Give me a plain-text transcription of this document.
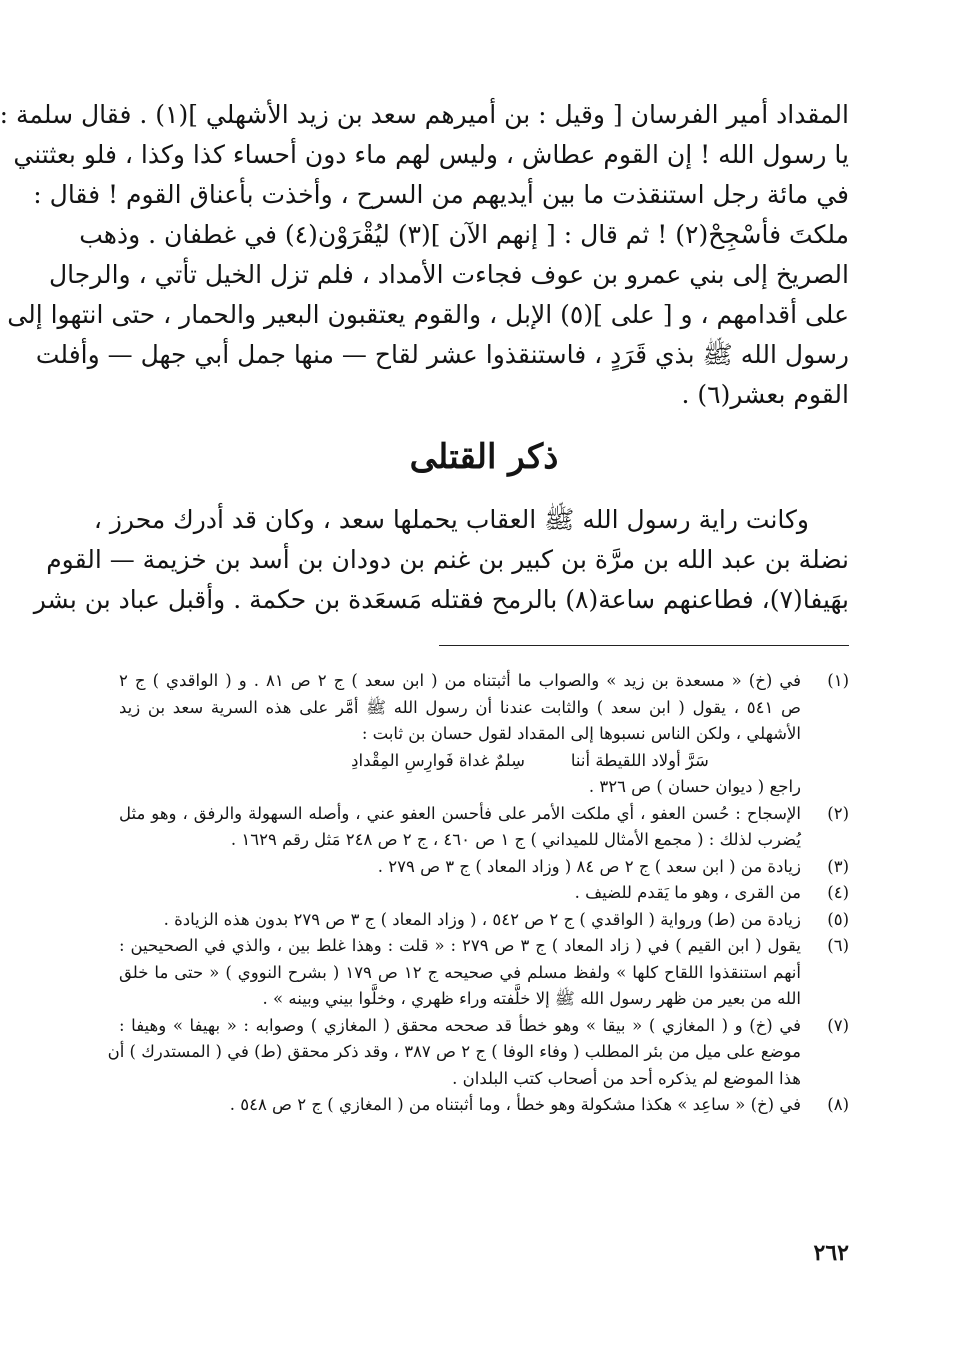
المقداد أمير الفرسان [ وقيل : بن أميرهم سعد بن زيد الأشهلي ](١) . فقال سلمة :
يا رسول الله ! إن القوم عطاش ، وليس لهم ماء دون أحساء كذا وكذا ، فلو بعثتني
في مائة رجل استنقذت ما بين أيديهم من السرح ، وأخذت بأعناق القوم ! فقال :
ملكتَ فأسْجِحْ(٢) ! ثم قال : [ إنهم الآن ](٣) ليُقْرَوْن(٤) في غطفان . وذهب
الصريخ إلى بني عمرو بن عوف فجاءت الأمداد ، فلم تزل الخيل تأتي ، والرجال
على أقدامهم ، و [ على ](٥) الإبل ، والقوم يعتقبون البعير والحمار ، حتى انتهوا إلى
رسول الله ﷺ بذي قَرَدٍ ، فاستنقذوا عشر لقاح — منها جمل أبي جهل — وأفلت
القوم بعشر(٦) .
ذكر القتلى
وكانت راية رسول الله ﷺ العقاب يحملها سعد ، وكان قد أدرك محرز ،
نضلة بن عبد الله بن مرَّة بن كبير بن غنم بن دودان بن أسد بن خزيمة — القوم
بهَيفا(٧)، فطاعنهم ساعة(٨) بالرمح فقتله مَسعَدة بن حكمة . وأقبل عباد بن بشر
(١)
في (خ) « مسعدة بن زيد » والصواب ما أثبتناه من ( ابن سعد ) ج ٢ ص ٨١ . و ( الواقدي ) ج ٢
ص ٥٤١ ، يقول ( ابن سعد ) والثابت عندنا أن رسول الله ﷺ أمَّر على هذه السرية سعد بن زيد
الأشهلي ، ولكن الناس نسبوها إلى المقداد لقول حسان بن ثابت :
سَرَّ أولاد اللقيطة أننا
سِلمٌ غداة فَوارِسِ المِقْدادِ
راجع ( ديوان حسان ) ص ٣٢٦ .
(٢)
الإسجاح : حُسن العفو ، أي ملكت الأمر على فأحسن العفو عني ، وأصله السهولة والرفق ، وهو مثل
يُضرب لذلك : ( مجمع الأمثال للميداني ) ج ١ ص ٤٦٠ ، ج ٢ ص ٢٤٨ مَثل رقم ١٦٢٩ .
(٣)
زيادة من ( ابن سعد ) ج ٢ ص ٨٤ ( وزاد المعاد ) ج ٣ ص ٢٧٩ .
(٤)
من القرى ، وهو ما يَقدم للضيف .
(٥)
زيادة من (ط) ورواية ( الواقدي ) ج ٢ ص ٥٤٢ ، ( وزاد المعاد ) ج ٣ ص ٢٧٩ بدون هذه الزيادة .
(٦)
يقول ( ابن القيم ) في ( زاد المعاد ) ج ٣ ص ٢٧٩ : « قلت : وهذا غلط بين ، والذي في الصحيحين :
أنهم استنقذوا اللقاح كلها » ولفظ مسلم في صحيحه ج ١٢ ص ١٧٩ ( بشرح النووي ) « حتى ما خلق
الله من بعير من ظهر رسول الله ﷺ إلا خلَّفته وراء ظهري ، وخلَّوا بيني وبينه » .
(٧)
في (خ) و ( المغازي ) « بيقا » وهو خطأ قد صححه محقق ( المغازي ) وصوابه : « بهيفا » وهيفا :
موضع على ميل من بئر المطلب ( وفاء الوفا ) ج ٢ ص ٣٨٧ ، وقد ذكر محقق (ط) في ( المستدرك ) أن
هذا الموضع لم يذكره أحد من أصحاب كتب البلدان .
(٨)
في (خ) « ساعِد » هكذا مشكولة وهو خطأ ، وما أثبتناه من ( المغازي ) ج ٢ ص ٥٤٨ .
٢٦٢
